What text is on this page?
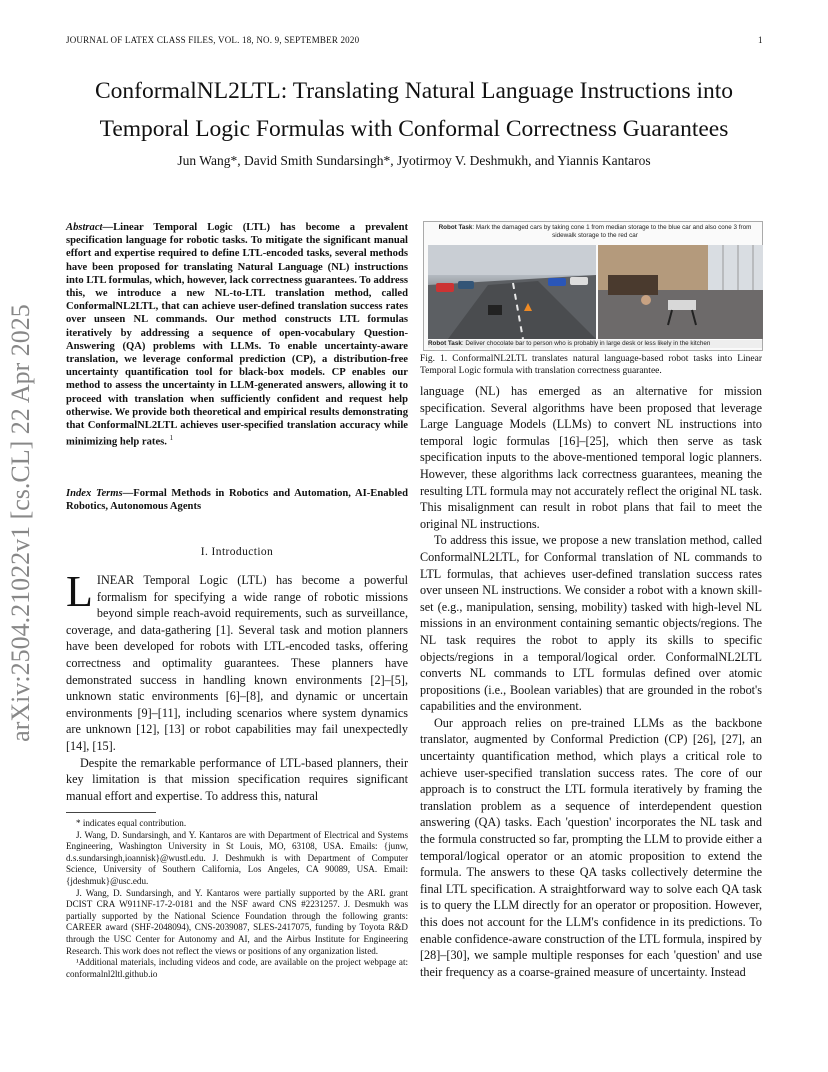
JOURNAL OF LATEX CLASS FILES, VOL. 18, NO. 9, SEPTEMBER 2020	1
ConformalNL2LTL: Translating Natural Language Instructions into
Temporal Logic Formulas with Conformal Correctness Guarantees
Jun Wang*, David Smith Sundarsingh*, Jyotirmoy V. Deshmukh, and Yiannis Kantaros
arXiv:2504.21022v1 [cs.CL] 22 Apr 2025
Abstract—Linear Temporal Logic (LTL) has become a prevalent specification language for robotic tasks. To mitigate the significant manual effort and expertise required to define LTL-encoded tasks, several methods have been proposed for translating Natural Language (NL) instructions into LTL formulas, which, however, lack correctness guarantees. To address this, we introduce a new NL-to-LTL translation method, called ConformalNL2LTL, that can achieve user-defined translation success rates over unseen NL commands. Our method constructs LTL formulas iteratively by addressing a sequence of open-vocabulary Question-Answering (QA) problems with LLMs. To enable uncertainty-aware translation, we leverage conformal prediction (CP), a distribution-free uncertainty quantification tool for black-box models. CP enables our method to assess the uncertainty in LLM-generated answers, allowing it to proceed with translation when sufficiently confident and request help otherwise. We provide both theoretical and empirical results demonstrating that ConformalNL2LTL achieves user-specified translation accuracy while minimizing help rates. $^1$
Index Terms—Formal Methods in Robotics and Automation, AI-Enabled Robotics, Autonomous Agents
I. Introduction

LINEAR Temporal Logic (LTL) has become a powerful formalism for specifying a wide range of robotic missions beyond simple reach-avoid requirements, such as surveillance, coverage, and data-gathering [1]. Several task and motion planners have been developed for robots with LTL-encoded tasks, offering correctness and optimality guarantees. These planners have demonstrated success in handling known environments [2]–[5], unknown static environments [6]–[8], and dynamic or uncertain environments [9]–[11], including scenarios where system dynamics are unknown [12], [13] or robot capabilities may fail unexpectedly [14], [15].

Despite the remarkable performance of LTL-based planners, their key limitation is that mission specification requires significant manual effort and expertise. To address this, natural

* indicates equal contribution.

J. Wang, D. Sundarsingh, and Y. Kantaros are with Department of Electrical and Systems Engineering, Washington University in St Louis, MO, 63108, USA. Emails: {junw, d.s.sundarsingh,ioannisk}@wustl.edu. J. Deshmukh is with Department of Computer Science, University of Southern California, Los Angeles, CA 90089, USA. Email: {jdeshmuk}@usc.edu.

J. Wang, D. Sundarsingh, and Y. Kantaros were partially supported by the ARL grant DCIST CRA W911NF-17-2-0181 and the NSF award CNS #2231257. J. Desmukh was partially supported by the National Science Foundation through the following grants: CAREER award (SHF-2048094), CNS-2039087, SLES-2417075, funding by Toyota R&D through the USC Center for Autonomy and AI, and the Airbus Institute for Engineering Research. This work does not reflect the views or positions of any organization listed.

¹Additional materials, including videos and code, are available on the project webpage at: conformalnl2ltl.github.io

Robot Task: Mark the damaged cars by taking cone 1 from median storage to the blue car and also cone 3 from sidewalk storage to the red car
Robot Task: Deliver chocolate bar to person who is probably in large desk or less likely in the kitchen
Fig. 1. ConformalNL2LTL translates natural language-based robot tasks into Linear Temporal Logic formula with translation correctness guarantee.

language (NL) has emerged as an alternative for mission specification. Several algorithms have been proposed that leverage Large Language Models (LLMs) to convert NL instructions into temporal logic formulas [16]–[25], which then serve as task specification inputs to the above-mentioned temporal logic planners. However, these algorithms lack correctness guarantees, meaning the resulting LTL formula may not accurately reflect the original NL task. This misalignment can result in robot plans that fail to meet the original NL instructions.

To address this issue, we propose a new translation method, called ConformalNL2LTL, for Conformal translation of NL commands to LTL formulas, that achieves user-defined translation success rates over unseen NL instructions. We consider a robot with a known skill-set (e.g., manipulation, sensing, mobility) tasked with high-level NL missions in an environment containing semantic objects/regions. The NL task requires the robot to apply its skills to specific objects/regions in a temporal/logical order. ConformalNL2LTL converts NL commands to LTL formulas defined over atomic propositions (i.e., Boolean variables) that are grounded in the robot's capabilities and the environment.

Our approach relies on pre-trained LLMs as the backbone translator, augmented by Conformal Prediction (CP) [26], [27], an uncertainty quantification method, which plays a critical role to achieve user-specified translation success rates. The core of our approach is to construct the LTL formula iteratively by framing the translation problem as a sequence of interdependent question answering (QA) tasks. Each 'question' incorporates the NL task and the formula constructed so far, prompting the LLM to provide either a temporal/logical operator or an atomic proposition to extend the formula. The answers to these QA tasks collectively determine the final LTL specification. A straightforward way to solve each QA task is to query the LLM directly for an operator or proposition. However, this does not account for the LLM's confidence in its predictions. To enable confidence-aware construction of the LTL formula, inspired by [28]–[30], we sample multiple responses for each 'question' and use their frequency as a coarse-grained measure of uncertainty. Instead
